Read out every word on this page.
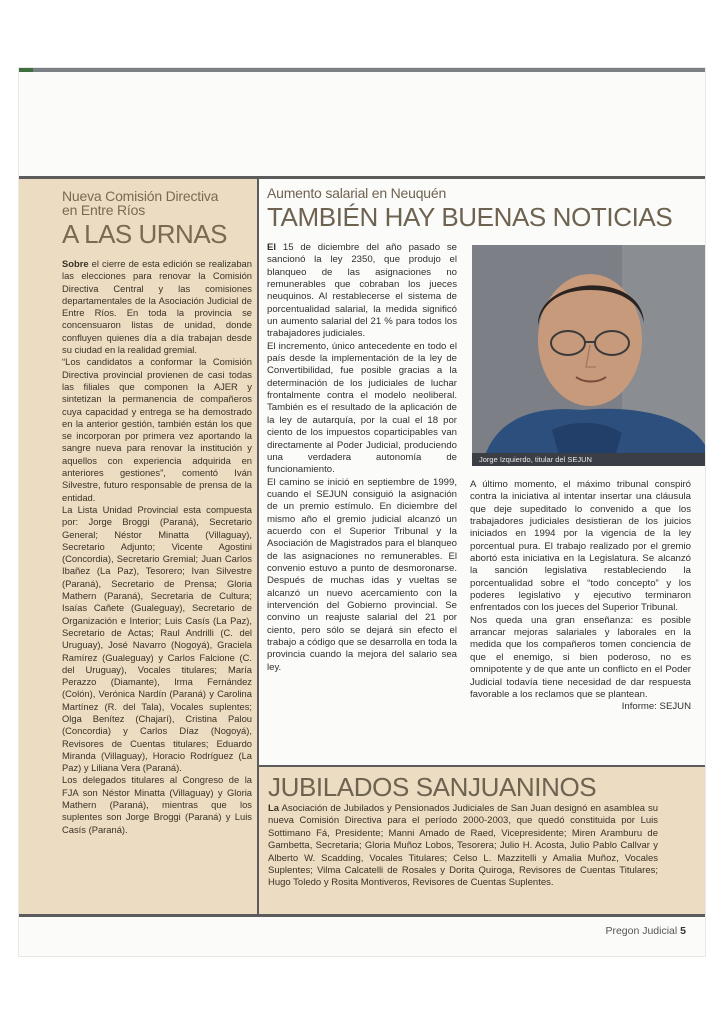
Nueva Comisión Directiva
en Entre Ríos
A LAS URNAS

Sobre el cierre de esta edición se realizaban las elecciones para renovar la Comisión Directiva Central y las comisiones departamentales de la Asociación Judicial de Entre Ríos. En toda la provincia se concensuaron listas de unidad, donde confluyen quienes día a día trabajan desde su ciudad en la realidad gremial.

“Los candidatos a conformar la Comisión Directiva provincial provienen de casi todas las filiales que componen la AJER y sintetizan la permanencia de compañeros cuya capacidad y entrega se ha demostrado en la anterior gestión, también están los que se incorporan por primera vez aportando la sangre nueva para renovar la institución y aquellos con experiencia adquirida en anteriores gestiones”, comentó Iván Silvestre, futuro responsable de prensa de la entidad.

La Lista Unidad Provincial esta compuesta por: Jorge Broggi (Paraná), Secretario General; Néstor Minatta (Villaguay), Secretario Adjunto; Vicente Agostini (Concordia), Secretario Gremial; Juan Carlos Ibañez (La Paz), Tesorero; Ivan Silvestre (Paraná), Secretario de Prensa; Gloria Mathern (Paraná), Secretaria de Cultura; Isaías Cañete (Gualeguay), Secretario de Organización e Interior; Luis Casís (La Paz), Secretario de Actas; Raul Andrilli (C. del Uruguay), José Navarro (Nogoyá), Graciela Ramírez (Gualeguay) y Carlos Falcione (C. del Uruguay), Vocales titulares; María Perazzo (Diamante), Irma Fernández (Colón), Verónica Nardín (Paraná) y Carolina Martínez (R. del Tala), Vocales suplentes; Olga Benítez (Chajarí), Cristina Palou (Concordia) y Carlos Díaz (Nogoyá), Revisores de Cuentas titulares; Eduardo Miranda (Villaguay), Horacio Rodríguez (La Paz) y Liliana Vera (Paraná).

Los delegados titulares al Congreso de la FJA son Néstor Minatta (Villaguay) y Gloria Mathern (Paraná), mientras que los suplentes son Jorge Broggi (Paraná) y Luis Casís (Paraná).

Aumento salarial en Neuquén
TAMBIÉN HAY BUENAS NOTICIAS

El 15 de diciembre del año pasado se sancionó la ley 2350, que produjo el blanqueo de las asignaciones no remunerables que cobraban los jueces neuquinos. Al restablecerse el sistema de porcentualidad salarial, la medida significó un aumento salarial del 21 % para todos los trabajadores judiciales.

El incremento, único antecedente en todo el país desde la implementación de la ley de Convertibilidad, fue posible gracias a la determinación de los judiciales de luchar frontalmente contra el modelo neoliberal. También es el resultado de la aplicación de la ley de autarquía, por la cual el 18 por ciento de los impuestos coparticipables van directamente al Poder Judicial, produciendo una verdadera autonomía de funcionamiento.

El camino se inició en septiembre de 1999, cuando el SEJUN consiguió la asignación de un premio estímulo. En diciembre del mismo año el gremio judicial alcanzó un acuerdo con el Superior Tribunal y la Asociación de Magistrados para el blanqueo de las asignaciones no remunerables. El convenio estuvo a punto de desmoronarse. Después de muchas idas y vueltas se alcanzó un nuevo acercamiento con la intervención del Gobierno provincial. Se convino un reajuste salarial del 21 por ciento, pero sólo se dejará sin efecto el trabajo a código que se desarrolla en toda la provincia cuando la mejora del salario sea ley.

Jorge Izquierdo, titular del SEJUN

A último momento, el máximo tribunal conspiró contra la iniciativa al intentar insertar una cláusula que deje supeditado lo convenido a que los trabajadores judiciales desistieran de los juicios iniciados en 1994 por la vigencia de la ley porcentual pura. El trabajo realizado por el gremio abortó esta iniciativa en la Legislatura. Se alcanzó la sanción legislativa restableciendo la porcentualidad sobre el “todo concepto” y los poderes legislativo y ejecutivo terminaron enfrentados con los jueces del Superior Tribunal.

Nos queda una gran enseñanza: es posible arrancar mejoras salariales y laborales en la medida que los compañeros tomen conciencia de que el enemigo, si bien poderoso, no es omnipotente y de que ante un conflicto en el Poder Judicial todavía tiene necesidad de dar respuesta favorable a los reclamos que se plantean.

Informe: SEJUN

JUBILADOS SANJUANINOS
La Asociación de Jubilados y Pensionados Judiciales de San Juan designó en asamblea su nueva Comisión Directiva para el período 2000-2003, que quedó constituida por Luis Sottimano Fá, Presidente; Manni Amado de Raed, Vicepresidente; Miren Aramburu de Gambetta, Secretaria; Gloria Muñoz Lobos, Tesorera; Julio H. Acosta, Julio Pablo Callvar y Alberto W. Scadding, Vocales Titulares; Celso L. Mazzitelli y Amalia Muñoz, Vocales Suplentes; Vilma Calcatelli de Rosales y Dorita Quiroga, Revisores de Cuentas Titulares; Hugo Toledo y Rosita Montiveros, Revisores de Cuentas Suplentes.
Pregon Judicial 5
